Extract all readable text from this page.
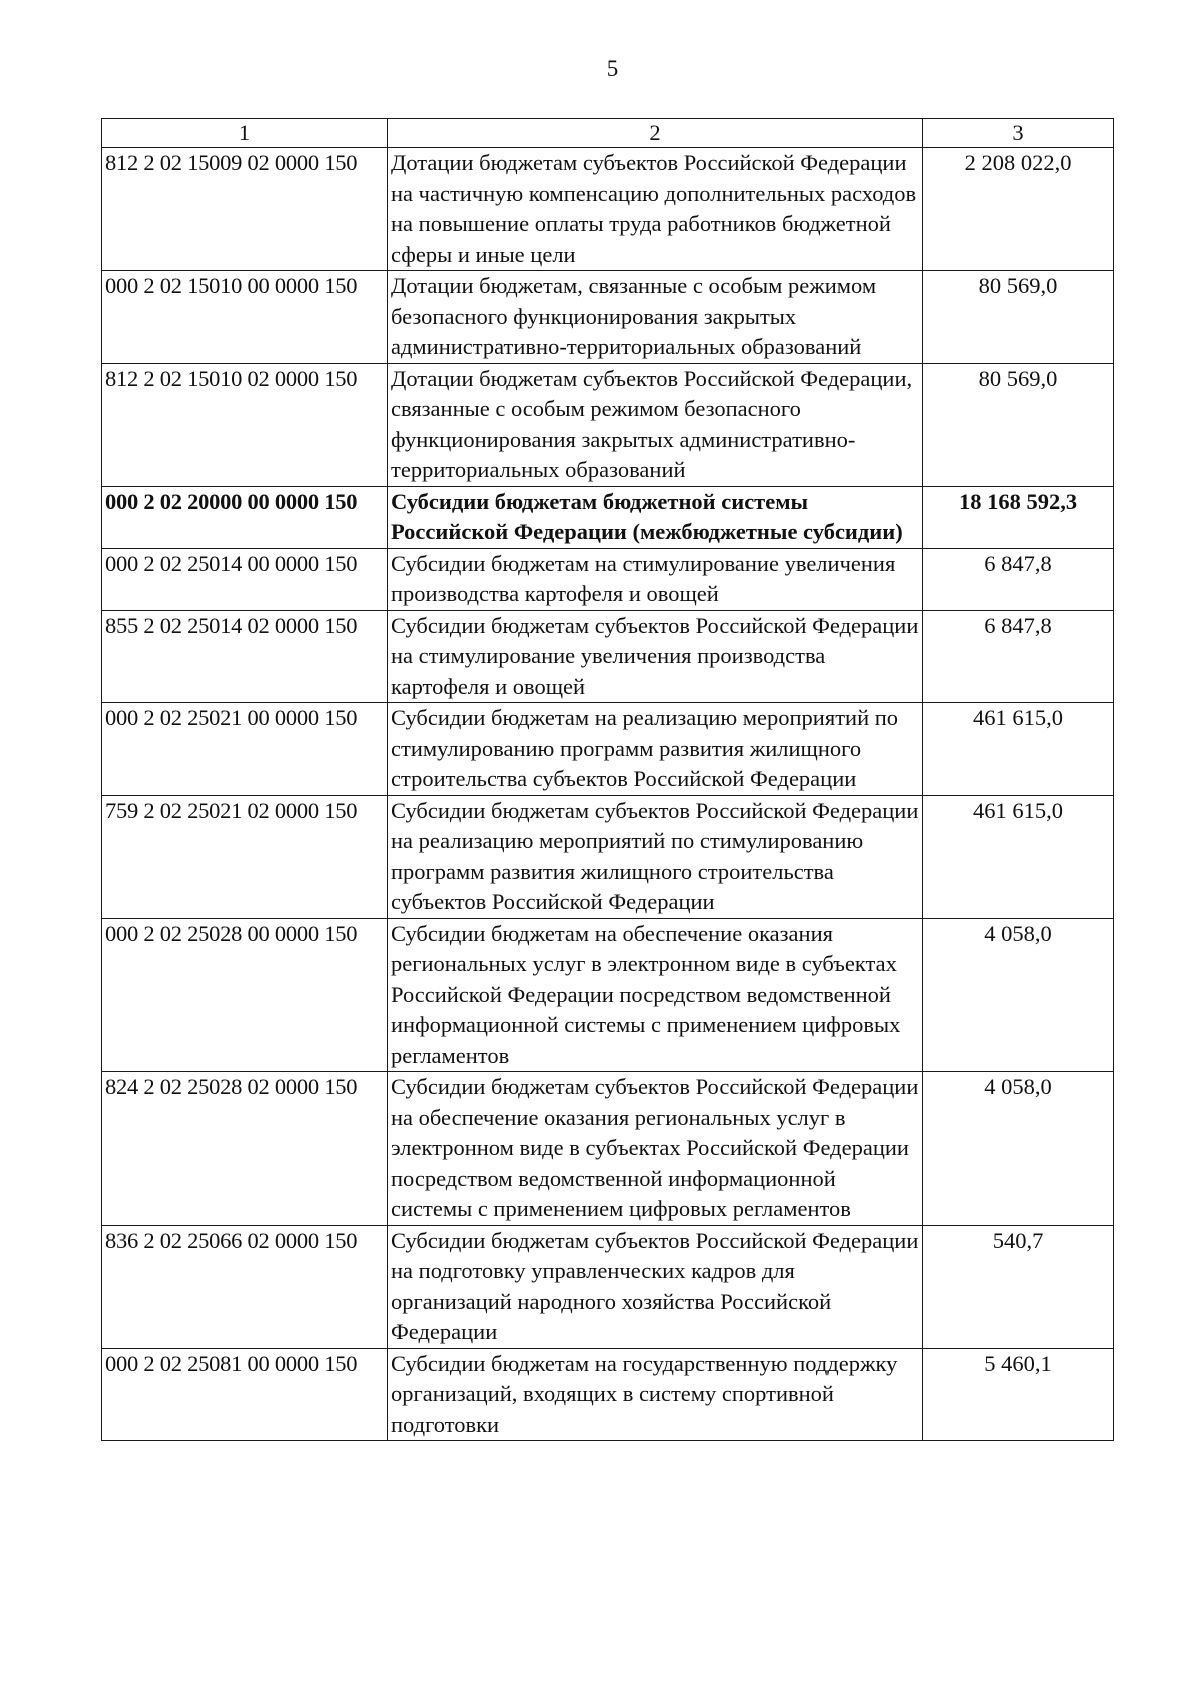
5
1	2	3
812 2 02 15009 02 0000 150	Дотации бюджетам субъектов Российской Федерации на частичную компенсацию дополнительных расходов на повышение оплаты труда работников бюджетной сферы и иные цели	2 208 022,0
000 2 02 15010 00 0000 150	Дотации бюджетам, связанные с особым режимом безопасного функционирования закрытых административно-территориальных образований	80 569,0
812 2 02 15010 02 0000 150	Дотации бюджетам субъектов Российской Федерации, связанные с особым режимом безопасного функционирования закрытых административно-территориальных образований	80 569,0
000 2 02 20000 00 0000 150	Субсидии бюджетам бюджетной системы Российской Федерации (межбюджетные субсидии)	18 168 592,3
000 2 02 25014 00 0000 150	Субсидии бюджетам на стимулирование увеличения производства картофеля и овощей	6 847,8
855 2 02 25014 02 0000 150	Субсидии бюджетам субъектов Российской Федерации на стимулирование увеличения производства картофеля и овощей	6 847,8
000 2 02 25021 00 0000 150	Субсидии бюджетам на реализацию мероприятий по стимулированию программ развития жилищного строительства субъектов Российской Федерации	461 615,0
759 2 02 25021 02 0000 150	Субсидии бюджетам субъектов Российской Федерации на реализацию мероприятий по стимулированию программ развития жилищного строительства субъектов Российской Федерации	461 615,0
000 2 02 25028 00 0000 150	Субсидии бюджетам на обеспечение оказания региональных услуг в электронном виде в субъектах Российской Федерации посредством ведомственной информационной системы с применением цифровых регламентов	4 058,0
824 2 02 25028 02 0000 150	Субсидии бюджетам субъектов Российской Федерации на обеспечение оказания региональных услуг в электронном виде в субъектах Российской Федерации посредством ведомственной информационной системы с применением цифровых регламентов	4 058,0
836 2 02 25066 02 0000 150	Субсидии бюджетам субъектов Российской Федерации на подготовку управленческих кадров для организаций народного хозяйства Российской Федерации	540,7
000 2 02 25081 00 0000 150	Субсидии бюджетам на государственную поддержку организаций, входящих в систему спортивной подготовки	5 460,1
